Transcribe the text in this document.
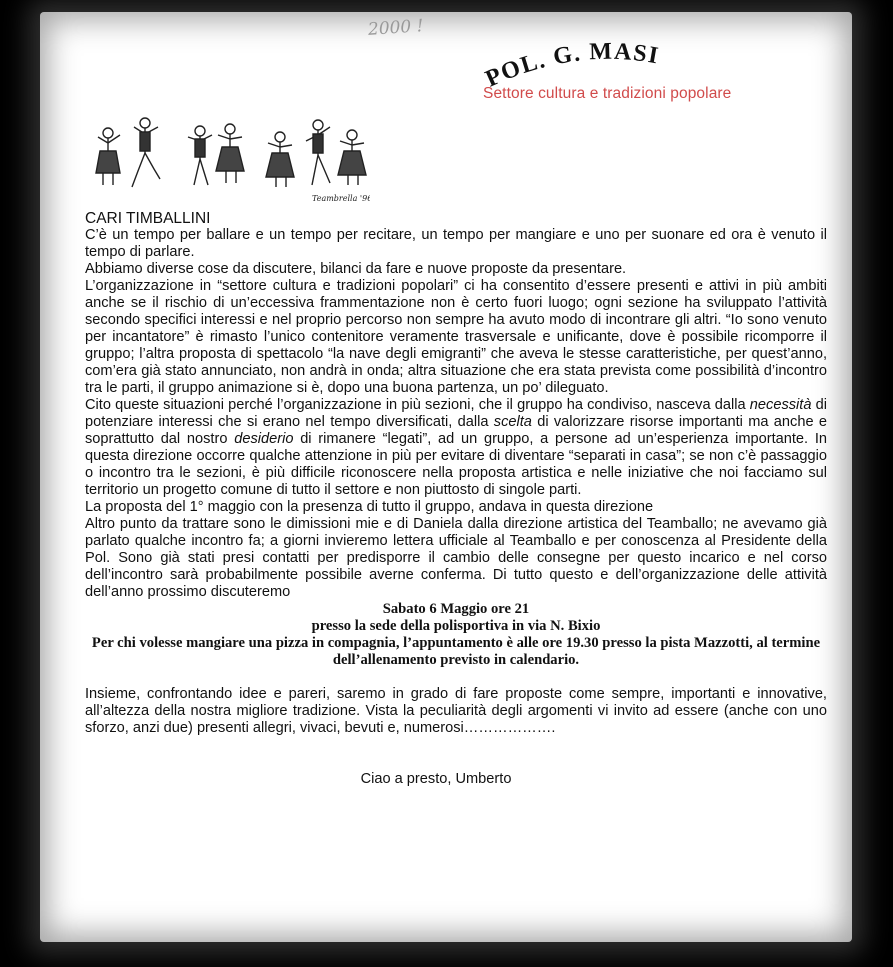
2000 !
POL. G. MASI
Settore cultura e tradizioni popolare
Teambrella '96

CARI TIMBALLINI

C’è un tempo per ballare e un tempo per recitare, un tempo per mangiare e uno per suonare ed ora è venuto il tempo di parlare.

Abbiamo diverse cose da discutere, bilanci da fare e nuove proposte da presentare.

L’organizzazione in “settore cultura e tradizioni popolari” ci ha consentito d’essere presenti e attivi in più ambiti anche se il rischio di un’eccessiva frammentazione non è certo fuori luogo; ogni sezione ha sviluppato l’attività secondo specifici interessi e nel proprio percorso non sempre ha avuto modo di incontrare gli altri. “Io sono venuto per incantatore” è rimasto l’unico contenitore veramente trasversale e unificante, dove è possibile ricomporre il gruppo; l’altra proposta di spettacolo “la nave degli emigranti” che aveva le stesse caratteristiche, per quest’anno, com’era già stato annunciato, non andrà in onda; altra situazione che era stata prevista come possibilità d’incontro tra le parti, il gruppo animazione si è, dopo una buona partenza, un po’ dileguato.

Cito queste situazioni perché l’organizzazione in più sezioni, che il gruppo ha condiviso, nasceva dalla necessità di potenziare interessi che si erano nel tempo diversificati, dalla scelta di valorizzare risorse importanti ma anche e soprattutto dal nostro desiderio di rimanere “legati”, ad un gruppo, a persone ad un’esperienza importante. In questa direzione occorre qualche attenzione in più per evitare di diventare “separati in casa”; se non c’è passaggio o incontro tra le sezioni, è più difficile riconoscere nella proposta artistica e nelle iniziative che noi facciamo sul territorio un progetto comune di tutto il settore e non piuttosto di singole parti.

La proposta del 1° maggio con la presenza di tutto il gruppo, andava in questa direzione

Altro punto da trattare sono le dimissioni mie e di Daniela dalla direzione artistica del Teamballo; ne avevamo già parlato qualche incontro fa; a giorni invieremo lettera ufficiale al Teamballo e per conoscenza al Presidente della Pol. Sono già stati presi contatti per predisporre il cambio delle consegne per questo incarico e nel corso dell’incontro sarà probabilmente possibile averne conferma. Di tutto questo e dell’organizzazione delle attività dell’anno prossimo discuteremo

Sabato 6 Maggio ore 21

presso la sede della polisportiva in via N. Bixio

Per chi volesse mangiare una pizza in compagnia, l’appuntamento è alle ore 19.30 presso la pista Mazzotti, al termine dell’allenamento previsto in calendario.

Insieme, confrontando idee e pareri, saremo in grado di fare proposte come sempre, importanti e innovative, all’altezza della nostra migliore tradizione. Vista la peculiarità degli argomenti vi invito ad essere (anche con uno sforzo, anzi due) presenti allegri, vivaci, bevuti e, numerosi……………….

Ciao a presto, Umberto
